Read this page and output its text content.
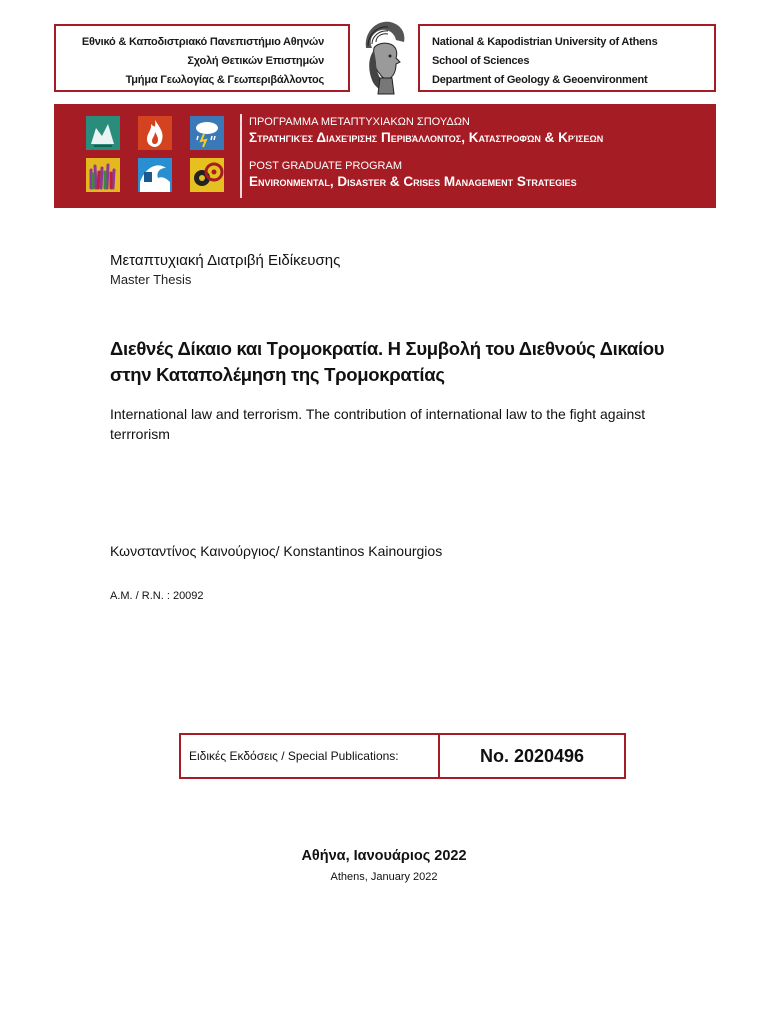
Εθνικό & Καποδιστριακό Πανεπιστήμιο Αθηνών
Σχολή Θετικών Επιστημών
Τμήμα Γεωλογίας & Γεωπεριβάλλοντος
National & Kapodistrian University of Athens
School of Sciences
Department of Geology & Geoenvironment
ΠΡΟΓΡΑΜΜΑ ΜΕΤΑΠΤΥΧΙΑΚΩΝ ΣΠΟΥΔΩΝ
Στρατηγικές Διαχείρισης Περιβάλλοντος, Καταστροφών & Κρίσεων
POST GRADUATE PROGRAM
Environmental, Disaster & Crises Management Strategies
Μεταπτυχιακή Διατριβή Ειδίκευσης
Master Thesis
Διεθνές Δίκαιο και Τρομοκρατία. Η Συμβολή του Διεθνούς Δικαίου
στην Καταπολέμηση της Τρομοκρατίας
International law and terrorism. The contribution of international law to the fight against
terrrorism
Κωνσταντίνος Καινούργιος/ Konstantinos Kainourgios
A.M. / R.N. : 20092
Ειδικές Εκδόσεις / Special Publications:	No. 2020496
Αθήνα, Ιανουάριος 2022
Athens, January 2022
